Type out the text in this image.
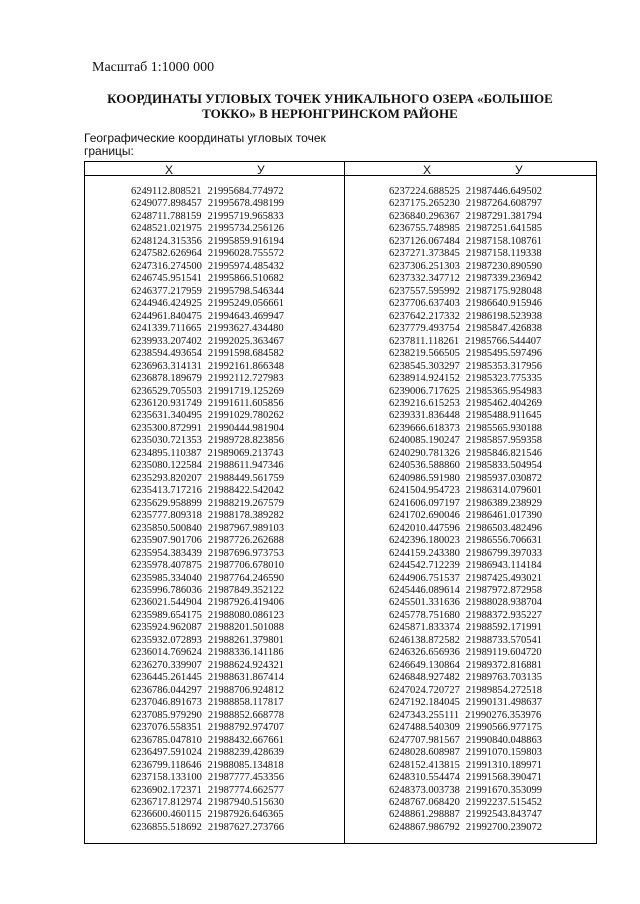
Масштаб 1:1000 000
КООРДИНАТЫ УГЛОВЫХ ТОЧЕК УНИКАЛЬНОГО ОЗЕРА «БОЛЬШОЕ
ТОККО» В НЕРЮНГРИНСКОМ РАЙОНЕ
Географические координаты угловых точек
границы:
X	У	X	У
6249112.808521 21995684.774972
6249077.898457 21995678.498199
6248711.788159 21995719.965833
6248521.021975 21995734.256126
6248124.315356 21995859.916194
6247582.626964 21996028.755572
6247316.274500 21995974.485432
6246745.951541 21995866.510682
6246377.217959 21995798.546344
6244946.424925 21995249.056661
6244961.840475 21994643.469947
6241339.711665 21993627.434480
6239933.207402 21992025.363467
6238594.493654 21991598.684582
6236963.314131 21992161.866348
6236878.189679 21992112.727983
6236529.705503 21991719.125269
6236120.931749 21991611.605856
6235631.340495 21991029.780262
6235300.872991 21990444.981904
6235030.721353 21989728.823856
6234895.110387 21989069.213743
6235080.122584 21988611.947346
6235293.820207 21988449.561759
6235413.717216 21988422.542042
6235629.958899 21988219.267579
6235777.809318 21988178.389282
6235850.500840 21987967.989103
6235907.901706 21987726.262688
6235954.383439 21987696.973753
6235978.407875 21987706.678010
6235985.334040 21987764.246590
6235996.786036 21987849.352122
6236021.544904 21987926.419406
6235989.654175 21988080.086123
6235924.962087 21988201.501088
6235932.072893 21988261.379801
6236014.769624 21988336.141186
6236270.339907 21988624.924321
6236445.261445 21988631.867414
6236786.044297 21988706.924812
6237046.891673 21988858.117817
6237085.979290 21988852.668778
6237076.558351 21988792.974707
6236785.047810 21988432.667661
6236497.591024 21988239.428639
6236799.118646 21988085.134818
6237158.133100 21987777.453356
6236902.172371 21987774.662577
6236717.812974 21987940.515630
6236600.460115 21987926.646365
6236855.518692 21987627.273766
6237224.688525 21987446.649502
6237175.265230 21987264.608797
6236840.296367 21987291.381794
6236755.748985 21987251.641585
6237126.067484 21987158.108761
6237271.373845 21987158.119338
6237306.251303 21987230.890590
6237332.347712 21987339.236942
6237557.595992 21987175.928048
6237706.637403 21986640.915946
6237642.217332 21986198.523938
6237779.493754 21985847.426838
6237811.118261 21985766.544407
6238219.566505 21985495.597496
6238545.303297 21985353.317956
6238914.924152 21985323.775335
6239006.717625 21985365.954983
6239216.615253 21985462.404269
6239331.836448 21985488.911645
6239666.618373 21985565.930188
6240085.190247 21985857.959358
6240290.781326 21985846.821546
6240536.588860 21985833.504954
6240986.591980 21985937.030872
6241504.954723 21986314.079601
6241606.097197 21986389.238929
6241702.690046 21986461.017390
6242010.447596 21986503.482496
6242396.180023 21986556.706631
6244159.243380 21986799.397033
6244542.712239 21986943.114184
6244906.751537 21987425.493021
6245446.089614 21987972.872958
6245501.331636 21988028.938704
6245778.751680 21988372.935227
6245871.833374 21988592.171991
6246138.872582 21988733.570541
6246326.656936 21989119.604720
6246649.130864 21989372.816881
6246848.927482 21989763.703135
6247024.720727 21989854.272518
6247192.184045 21990131.498637
6247343.255111 21990276.353976
6247488.540309 21990566.977175
6247707.981567 21990840.048863
6248028.608987 21991070.159803
6248152.413815 21991310.189971
6248310.554474 21991568.390471
6248373.003738 21991670.353099
6248767.068420 21992237.515452
6248861.298887 21992543.843747
6248867.986792 21992700.239072
